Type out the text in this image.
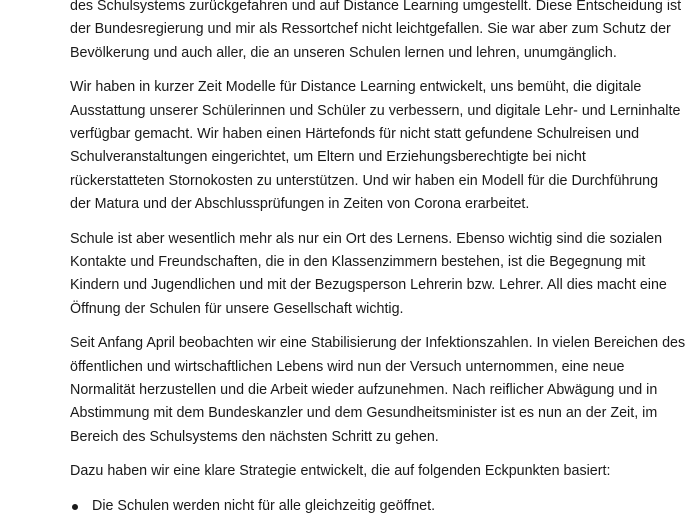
des Schulsystems zurückgefahren und auf Distance Learning umgestellt. Diese Entscheidung ist
der Bundesregierung und mir als Ressortchef nicht leichtgefallen. Sie war aber zum Schutz der
Bevölkerung und auch aller, die an unseren Schulen lernen und lehren, unumgänglich.

Wir haben in kurzer Zeit Modelle für Distance Learning entwickelt, uns bemüht, die digitale
Ausstattung unserer Schülerinnen und Schüler zu verbessern, und digitale Lehr- und Lerninhalte
verfügbar gemacht. Wir haben einen Härtefonds für nicht statt gefundene Schulreisen und
Schulveranstaltungen eingerichtet, um Eltern und Erziehungsberechtigte bei nicht
rückerstatteten Stornokosten zu unterstützen. Und wir haben ein Modell für die Durchführung
der Matura und der Abschlussprüfungen in Zeiten von Corona erarbeitet.

Schule ist aber wesentlich mehr als nur ein Ort des Lernens. Ebenso wichtig sind die sozialen
Kontakte und Freundschaften, die in den Klassenzimmern bestehen, ist die Begegnung mit
Kindern und Jugendlichen und mit der Bezugsperson Lehrerin bzw. Lehrer. All dies macht eine
Öffnung der Schulen für unsere Gesellschaft wichtig.

Seit Anfang April beobachten wir eine Stabilisierung der Infektionszahlen. In vielen Bereichen des
öffentlichen und wirtschaftlichen Lebens wird nun der Versuch unternommen, eine neue
Normalität herzustellen und die Arbeit wieder aufzunehmen. Nach reiflicher Abwägung und in
Abstimmung mit dem Bundeskanzler und dem Gesundheitsminister ist es nun an der Zeit, im
Bereich des Schulsystems den nächsten Schritt zu gehen.

Dazu haben wir eine klare Strategie entwickelt, die auf folgenden Eckpunkten basiert:

Die Schulen werden nicht für alle gleichzeitig geöffnet.
